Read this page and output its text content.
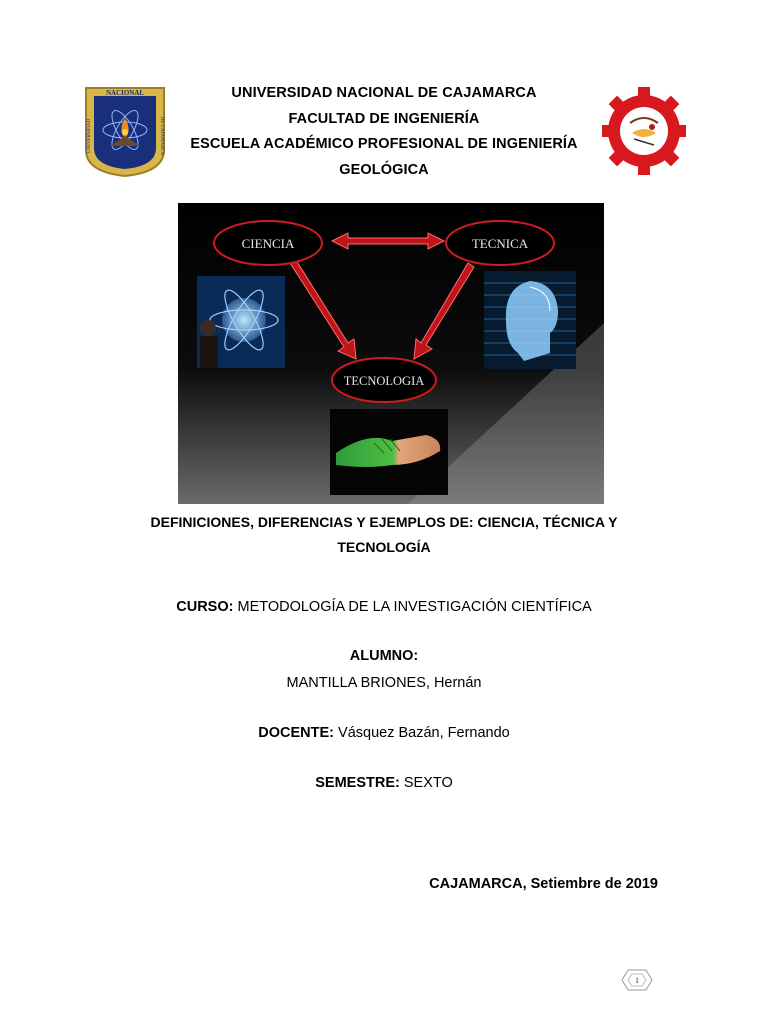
NACIONAL
UNIVERSIDAD	DE CAJAMARCA
UNIVERSIDAD NACIONAL DE CAJAMARCA
FACULTAD DE INGENIERÍA
ESCUELA ACADÉMICO PROFESIONAL DE INGENIERÍA
GEOLÓGICA
CIENCIA	TECNICA
TECNOLOGIA
DEFINICIONES, DIFERENCIAS Y EJEMPLOS DE: CIENCIA, TÉCNICA Y
TECNOLOGÍA
CURSO: METODOLOGÍA DE LA INVESTIGACIÓN CIENTÍFICA
ALUMNO:
MANTILLA BRIONES, Hernán
DOCENTE: Vásquez Bazán, Fernando
SEMESTRE: SEXTO
CAJAMARCA, Setiembre de 2019
1
